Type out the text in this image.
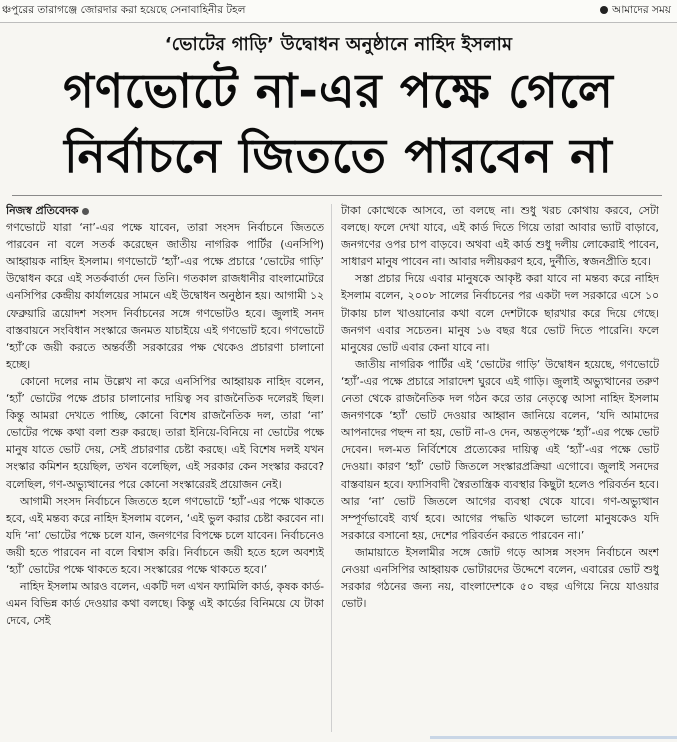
ঞ্চপুরের তারাগঞ্জে জোরদার করা হয়েছে সেনাবাহিনীর টহল	আমাদের সময়
‘ভোটের গাড়ি’ উদ্বোধন অনুষ্ঠানে নাহিদ ইসলাম
গণভোটে না-এর পক্ষে গেলে
নির্বাচনে জিততে পারবেন না

নিজস্ব প্রতিবেদক

গণভোটে যারা ‘না’-এর পক্ষে যাবেন, তারা সংসদ নির্বাচনে জিততে পারবেন না বলে সতর্ক করেছেন জাতীয় নাগরিক পার্টির (এনসিপি) আহ্বায়ক নাহিদ ইসলাম। গণভোটে ‘হ্যাঁ’-এর পক্ষে প্রচারে ‘ভোটের গাড়ি’ উদ্বোধন করে এই সতর্কবার্তা দেন তিনি। গতকাল রাজধানীর বাংলামোটরে এনসিপির কেন্দ্রীয় কার্যালয়ের সামনে এই উদ্বোধন অনুষ্ঠান হয়। আগামী ১২ ফেব্রুয়ারি ত্রয়োদশ সংসদ নির্বাচনের সঙ্গে গণভোটও হবে। জুলাই সনদ বাস্তবায়নে সংবিধান সংস্কারে জনমত যাচাইয়ে এই গণভোট হবে। গণভোটে ‘হ্যাঁ’কে জয়ী করতে অন্তর্বর্তী সরকারের পক্ষ থেকেও প্রচারণা চালানো হচ্ছে।

কোনো দলের নাম উল্লেখ না করে এনসিপির আহ্বায়ক নাহিদ বলেন, ‘হ্যাঁ’ ভোটের পক্ষে প্রচার চালানোর দায়িত্ব সব রাজনৈতিক দলেরই ছিল। কিন্তু আমরা দেখতে পাচ্ছি, কোনো বিশেষ রাজনৈতিক দল, তারা ‘না’ ভোটের পক্ষে কথা বলা শুরু করছে। তারা ইনিয়ে-বিনিয়ে না ভোটের পক্ষে মানুষ যাতে ভোট দেয়, সেই প্রচারণার চেষ্টা করছে। এই বিশেষ দলই যখন সংস্কার কমিশন হয়েছিল, তখন বলেছিল, এই সরকার কেন সংস্কার করবে? বলেছিল, গণ-অভ্যুত্থানের পরে কোনো সংস্কারেরই প্রয়োজন নেই।

আগামী সংসদ নির্বাচনে জিততে হলে গণভোটে ‘হ্যাঁ’-এর পক্ষে থাকতে হবে, এই মন্তব্য করে নাহিদ ইসলাম বলেন, ‘এই ভুল করার চেষ্টা করবেন না। যদি ‘না’ ভোটের পক্ষে চলে যান, জনগণের বিপক্ষে চলে যাবেন। নির্বাচনেও জয়ী হতে পারবেন না বলে বিশ্বাস করি। নির্বাচনে জয়ী হতে হলে অবশ্যই ‘হ্যাঁ’ ভোটের পক্ষে থাকতে হবে। সংস্কারের পক্ষে থাকতে হবে।’

নাহিদ ইসলাম আরও বলেন, একটি দল এখন ফ্যামিলি কার্ড, কৃষক কার্ড- এমন বিভিন্ন কার্ড দেওয়ার কথা বলছে। কিন্তু এই কার্ডের বিনিময়ে যে টাকা দেবে, সেই

টাকা কোত্থেকে আসবে, তা বলছে না। শুধু খরচ কোথায় করবে, সেটা বলছে। ফলে দেখা যাবে, এই কার্ড দিতে গিয়ে তারা আবার ভ্যাট বাড়াবে, জনগণের ওপর চাপ বাড়বে। অথবা এই কার্ড শুধু দলীয় লোকেরাই পাবেন, সাধারণ মানুষ পাবেন না। আবার দলীয়করণ হবে, দুর্নীতি, স্বজনপ্রীতি হবে।

সস্তা প্রচার দিয়ে এবার মানুষকে আকৃষ্ট করা যাবে না মন্তব্য করে নাহিদ ইসলাম বলেন, ২০০৮ সালের নির্বাচনের পর একটা দল সরকারে এসে ১০ টাকায় চাল খাওয়ানোর কথা বলে দেশটাকে ছারখার করে দিয়ে গেছে। জনগণ এবার সচেতন। মানুষ ১৬ বছর ধরে ভোট দিতে পারেনি। ফলে মানুষের ভোট এবার কেনা যাবে না।

জাতীয় নাগরিক পার্টির এই ‘ভোটের গাড়ি’ উদ্বোধন হয়েছে, গণভোটে ‘হ্যাঁ’-এর পক্ষে প্রচারে সারাদেশ ঘুরবে এই গাড়ি। জুলাই অভ্যুত্থানের তরুণ নেতা থেকে রাজনৈতিক দল গঠন করে তার নেতৃত্বে আসা নাহিদ ইসলাম জনগণকে ‘হ্যাঁ’ ভোট দেওয়ার আহ্বান জানিয়ে বলেন, ‘যদি আমাদের আপনাদের পছন্দ না হয়, ভোট না-ও দেন, অন্তত্পক্ষে ‘হ্যাঁ’-এর পক্ষে ভোট দেবেন। দল-মত নির্বিশেষে প্রত্যেকের দায়িত্ব এই ‘হ্যাঁ’-এর পক্ষে ভোট দেওয়া। কারণ ‘হ্যাঁ’ ভোট জিতলে সংস্কারপ্রক্রিয়া এগোবে। জুলাই সনদের বাস্তবায়ন হবে। ফ্যাসিবাদী স্বৈরতান্ত্রিক ব্যবস্থার কিছুটা হলেও পরিবর্তন হবে। আর ‘না’ ভোট জিতলে আগের ব্যবস্থা থেকে যাবে। গণ-অভ্যুত্থান সম্পূর্ণভাবেই ব্যর্থ হবে। আগের পদ্ধতি থাকলে ভালো মানুষকেও যদি সরকারে বসানো হয়, দেশের পরিবর্তন করতে পারবেন না।’

জামায়াতে ইসলামীর সঙ্গে জোট গড়ে আসন্ন সংসদ নির্বাচনে অংশ নেওয়া এনসিপির আহ্বায়ক ভোটারদের উদ্দেশে বলেন, এবারের ভোট শুধু সরকার গঠনের জন্য নয়, বাংলাদেশকে ৫০ বছর এগিয়ে নিয়ে যাওয়ার ভোট।
